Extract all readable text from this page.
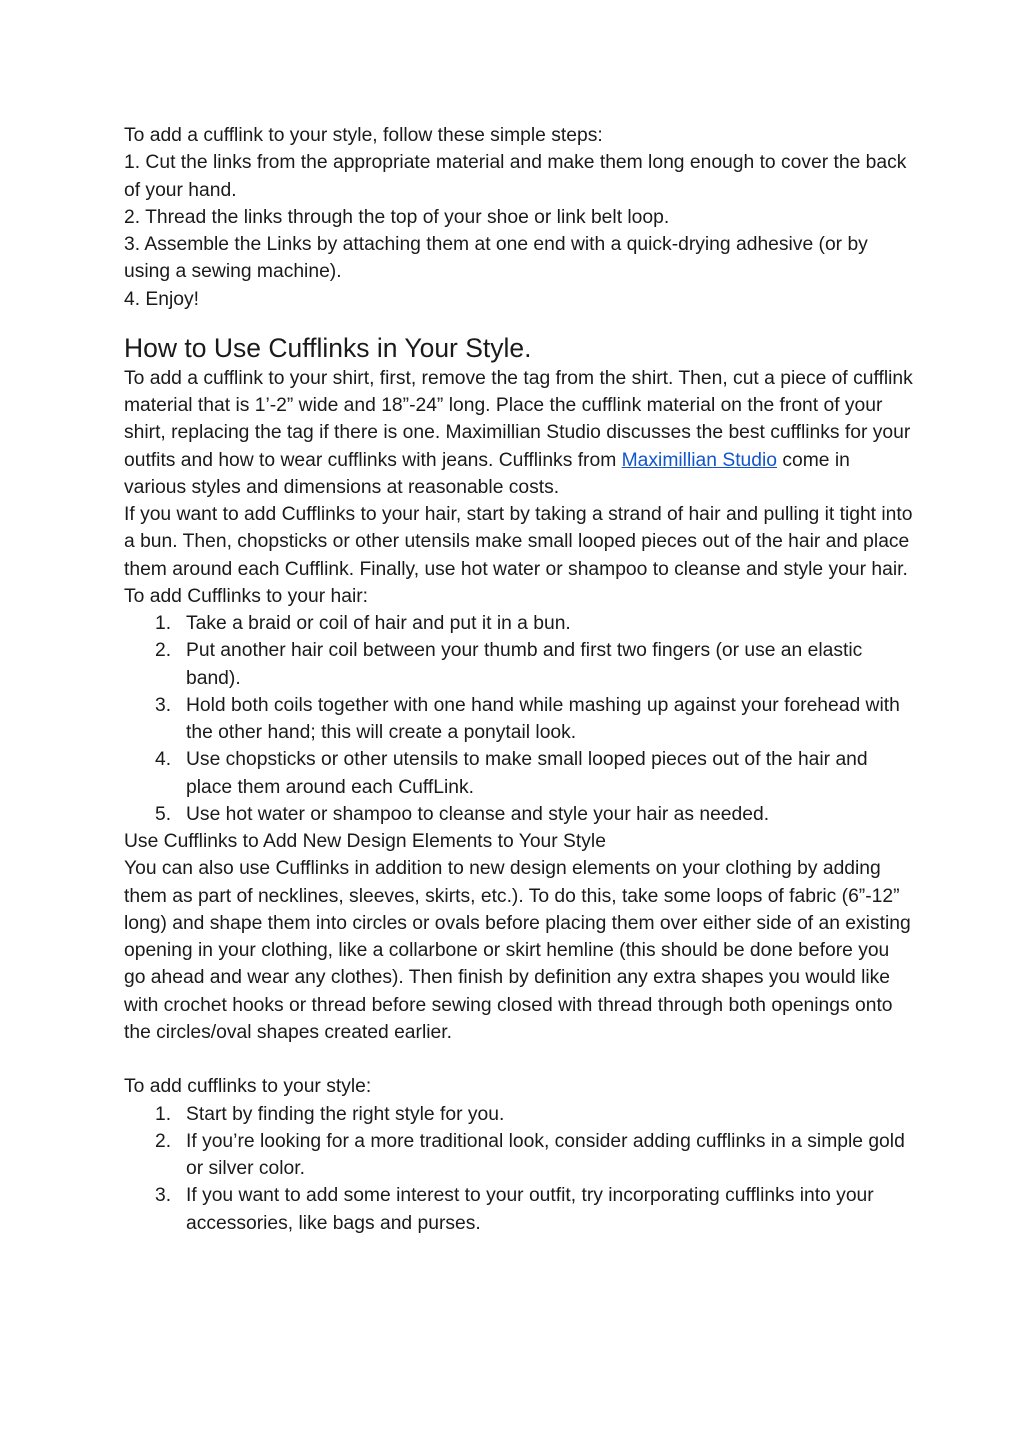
To add a cufflink to your style, follow these simple steps:

1. Cut the links from the appropriate material and make them long enough to cover the back of your hand.

2. Thread the links through the top of your shoe or link belt loop.

3. Assemble the Links by attaching them at one end with a quick-drying adhesive (or by using a sewing machine).

4. Enjoy!

How to Use Cufflinks in Your Style.

To add a cufflink to your shirt, first, remove the tag from the shirt. Then, cut a piece of cufflink material that is 1’-2” wide and 18”-24” long. Place the cufflink material on the front of your shirt, replacing the tag if there is one. Maximillian Studio discusses the best cufflinks for your outfits and how to wear cufflinks with jeans. Cufflinks from Maximillian Studio come in various styles and dimensions at reasonable costs.

If you want to add Cufflinks to your hair, start by taking a strand of hair and pulling it tight into a bun. Then, chopsticks or other utensils make small looped pieces out of the hair and place them around each Cufflink. Finally, use hot water or shampoo to cleanse and style your hair.

To add Cufflinks to your hair:

1. Take a braid or coil of hair and put it in a bun.
2. Put another hair coil between your thumb and first two fingers (or use an elastic band).
3. Hold both coils together with one hand while mashing up against your forehead with the other hand; this will create a ponytail look.
4. Use chopsticks or other utensils to make small looped pieces out of the hair and place them around each CuffLink.
5. Use hot water or shampoo to cleanse and style your hair as needed.

Use Cufflinks to Add New Design Elements to Your Style

You can also use Cufflinks in addition to new design elements on your clothing by adding them as part of necklines, sleeves, skirts, etc.). To do this, take some loops of fabric (6”-12” long) and shape them into circles or ovals before placing them over either side of an existing opening in your clothing, like a collarbone or skirt hemline (this should be done before you go ahead and wear any clothes). Then finish by definition any extra shapes you would like with crochet hooks or thread before sewing closed with thread through both openings onto the circles/oval shapes created earlier.

To add cufflinks to your style:

1. Start by finding the right style for you.
2. If you’re looking for a more traditional look, consider adding cufflinks in a simple gold or silver color.
3. If you want to add some interest to your outfit, try incorporating cufflinks into your accessories, like bags and purses.
